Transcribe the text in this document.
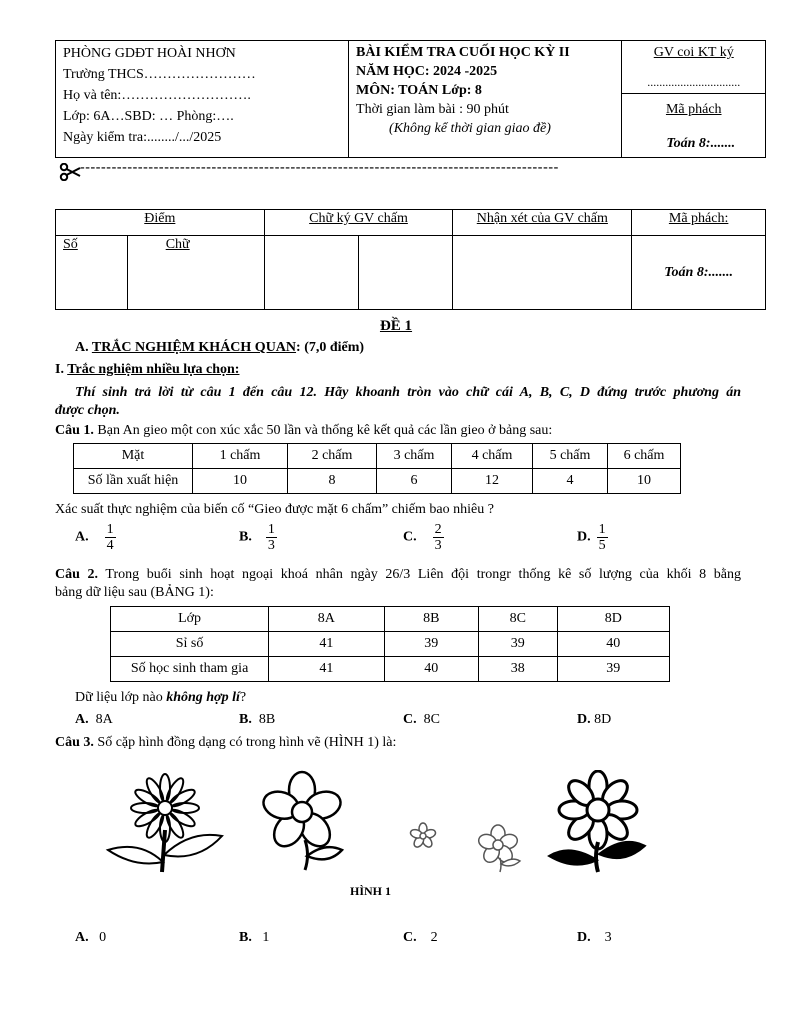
PHÒNG GDĐT HOÀI NHƠN
Trường THCS……………………
Họ và tên:……………………….
Lớp: 6A…SBD: … Phòng:….
Ngày kiểm tra:......../.../2025

BÀI KIỂM TRA CUỐI HỌC KỲ II
NĂM HỌC: 2024 -2025
MÔN: TOÁN Lớp: 8
Thời gian làm bài : 90 phút
(Không kể thời gian giao đề)

GV coi KT ký
...............................
Mã phách
Toán 8:.......
-------------------------------------------------------------------------------------------
Điểm		Chữ ký GV chấm		Nhận xét của GV chấm	Mã phách:
Số	Chữ				Toán 8:.......
ĐỀ 1
A. TRẮC NGHIỆM KHÁCH QUAN: (7,0 điểm)
I. Trắc nghiệm nhiều lựa chọn:
Thí sinh trả lời từ câu 1 đến câu 12. Hãy khoanh tròn vào chữ cái A, B, C, D đứng trước phương án
được chọn.
Câu 1. Bạn An gieo một con xúc xắc 50 lần và thống kê kết quả các lần gieo ở bảng sau:
Mặt	1 chấm	2 chấm	3 chấm	4 chấm	5 chấm	6 chấm
Số lần xuất hiện	10	8	6	12	4	10
Xác suất thực nghiệm của biến cố “Gieo được mặt 6 chấm” chiếm bao nhiêu ?
A. $\frac{1}{4}$	B. $\frac{1}{3}$	C. $\frac{2}{3}$	D. $\frac{1}{5}$
Câu 2. Trong buổi sinh hoạt ngoại khoá nhân ngày 26/3 Liên đội trongr thống kê số lượng của khối 8 bằng
bảng dữ liệu sau (BẢNG 1):
Lớp	8A	8B	8C	8D
Sỉ số	41	39	39	40
Số học sinh tham gia	41	40	38	39
Dữ liệu lớp nào không hợp lí?
A. 8A	B. 8B	C. 8C	D. 8D
Câu 3. Số cặp hình đồng dạng có trong hình vẽ (HÌNH 1) là:
HÌNH 1
A. 0	B. 1	C. 2	D. 3
